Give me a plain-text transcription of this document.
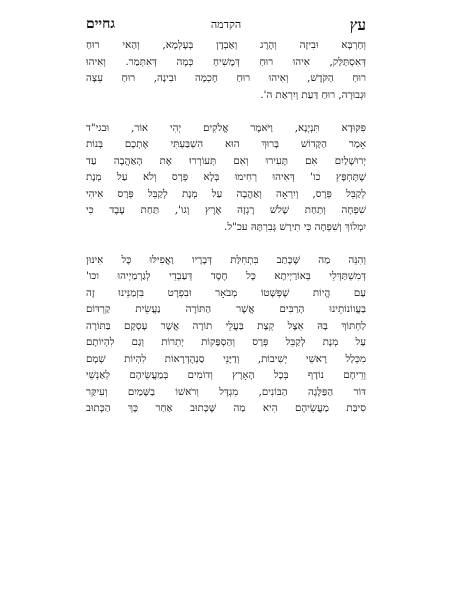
גחיים	הקדמה	עץ
וְחַרְבָּא וּבִיזָה וְהֶרֶג וְאַבְדָן בְּעָלְמָא, וְהַאי רוּחַ
דְּאִסְתַּלַּק, אִיהוּ רוּחַ דְּמָשִׁיחַ כְּמָה דְּאִתְּמַר. וְאִיהוּ
רוּחַ הַקֹּדֶשׁ, וְאִיהוּ רוּחַ חָכְמָה וּבִינָה, רוּחַ עֵצָה
וּגְבוּרָה, רוּחַ דַּעַת וְיִרְאַת ה'.
פִּקּוּדָא תִּנְיָנָא, וַיֹּאמֶר אֱלֹקִים יְהִי אוֹר, וּבגי"ד
אָמַר הַקָּדוֹשׁ בָּרוּךְ הוּא הִשְׁבַּעְתִּי אֶתְכֶם בְּנוֹת
יְרוּשָׁלַיִם אִם תָּעִירוּ וְאִם תְּעוֹרְרוּ אֶת הָאַהֲבָה עַד
שֶׁתֶּחְפָּץ כו' דְּאִיהוּ רְחִימוּ בְּלָא פְּרָס וְלֹא עַל מְנָת
לְקַבֵּל פְּרָס, וְיִרְאָה וְאַהֲבָה עַל מְנָת לְקַבֵּל פְּרָס אִיהִי
שִׁפְחָה וְתַחַת שָׁלֹשׁ רָגְזָה אֶרֶץ וְגו', תַּחַת עֶבֶד כִּי
יִמְלוֹךְ וְשִׁפְחָה כִּי תִירַשׁ גְּבִרְתָּהּ עכ"ל.
וְהִנֵּה מַה שֶּׁכָּתַב בִּתְחִלַּת דְּבָרָיו וַאֲפִילּוּ כָּל אִינּוּן
דְּמִשְׁתַּדְּלֵי בְּאוֹרַיְיתָא כָּל חֶסֶד דְּעַבְדֵי לְגַרְמַיְיהוּ וכו'
עַם הֱיוֹת שֶׁפְּשָׁטוֹ מְבֹאָר וּבִפְרָט בִּזְמַנֵּינוּ זֶה
בַּעֲווֹנוֹתֵינוּ הָרַבִּים אֲשֶׁר הַתּוֹרָה נַעֲשֵׂית קַרְדּוֹם
לַחְתּוֹךְ בָּהּ אֵצֶל קְצָת בַּעֲלֵי תוֹרָה אֲשֶׁר עָסְקָם בַּתּוֹרָה
עַל מְנָת לְקַבֵּל פְּרָס וְהַסְפָּקוֹת יְתֵרוֹת וְגַם לִהְיוֹתָם
מִכְּלַל רָאשֵׁי יְשִׁיבוֹת, וְדַיָּנֵי סַנְהֶדְרָאוֹת לִהְיוֹת שְׁמָם
וְרֵיחָם נוֹדָף בְּכָל הָאָרֶץ וְדוֹמִים בְּמַעֲשֵׂיהֶם לְאַנְשֵׁי
דּוֹר הַפַּלָּגָה הַבּוֹנִים, מִגְדָּל וְרֹאשׁוֹ בַשָּׁמַיִם וְעִיקַּר
סִיבַּת מַעֲשֵׂיהֶם הִיא מַה שֶּׁכָּתוּב אַחַר כָּךְ הַכָּתוּב
